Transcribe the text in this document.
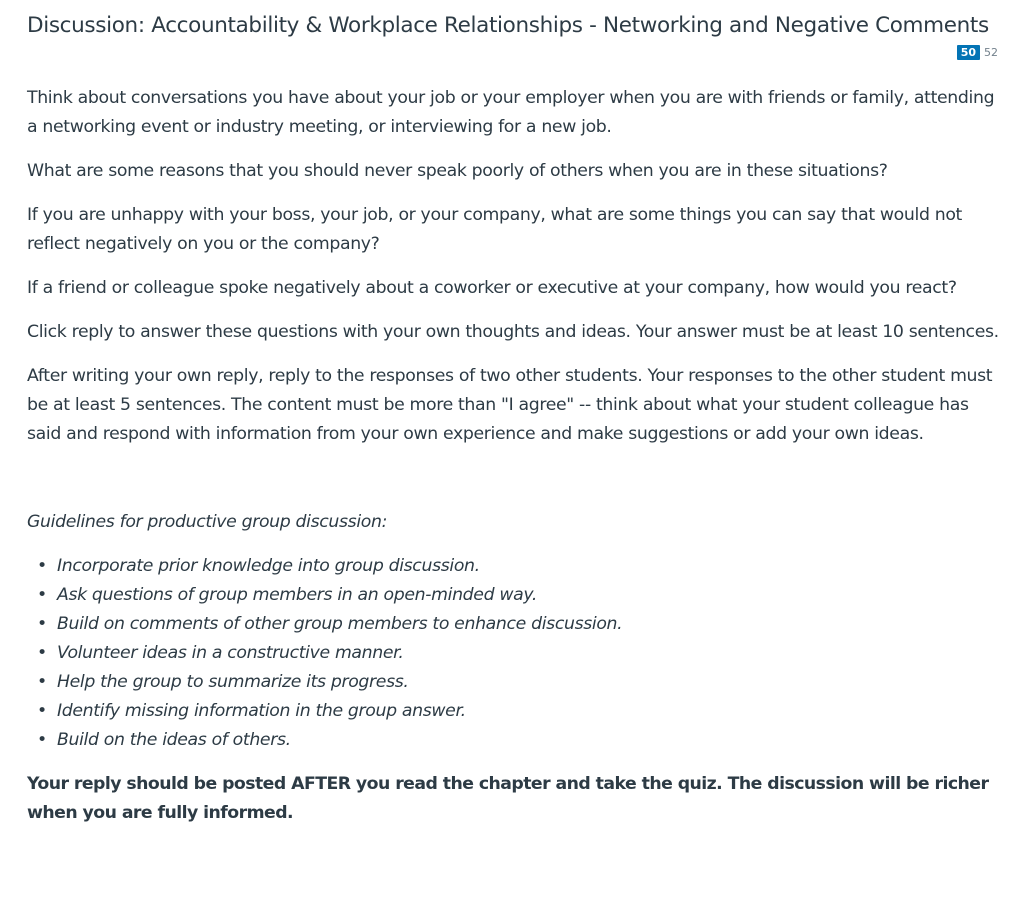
Discussion: Accountability & Workplace Relationships - Networking and Negative Comments
50 52

Think about conversations you have about your job or your employer when you are with friends or family, attending a networking event or industry meeting, or interviewing for a new job.

What are some reasons that you should never speak poorly of others when you are in these situations?

If you are unhappy with your boss, your job, or your company, what are some things you can say that would not reflect negatively on you or the company?

If a friend or colleague spoke negatively about a coworker or executive at your company, how would you react?

Click reply to answer these questions with your own thoughts and ideas. Your answer must be at least 10 sentences.

After writing your own reply, reply to the responses of two other students. Your responses to the other student must be at least 5 sentences. The content must be more than "I agree" -- think about what your student colleague has said and respond with information from your own experience and make suggestions or add your own ideas.

Guidelines for productive group discussion:

• Incorporate prior knowledge into group discussion.
• Ask questions of group members in an open-minded way.
• Build on comments of other group members to enhance discussion.
• Volunteer ideas in a constructive manner.
• Help the group to summarize its progress.
• Identify missing information in the group answer.
• Build on the ideas of others.

Your reply should be posted AFTER you read the chapter and take the quiz. The discussion will be richer when you are fully informed.
